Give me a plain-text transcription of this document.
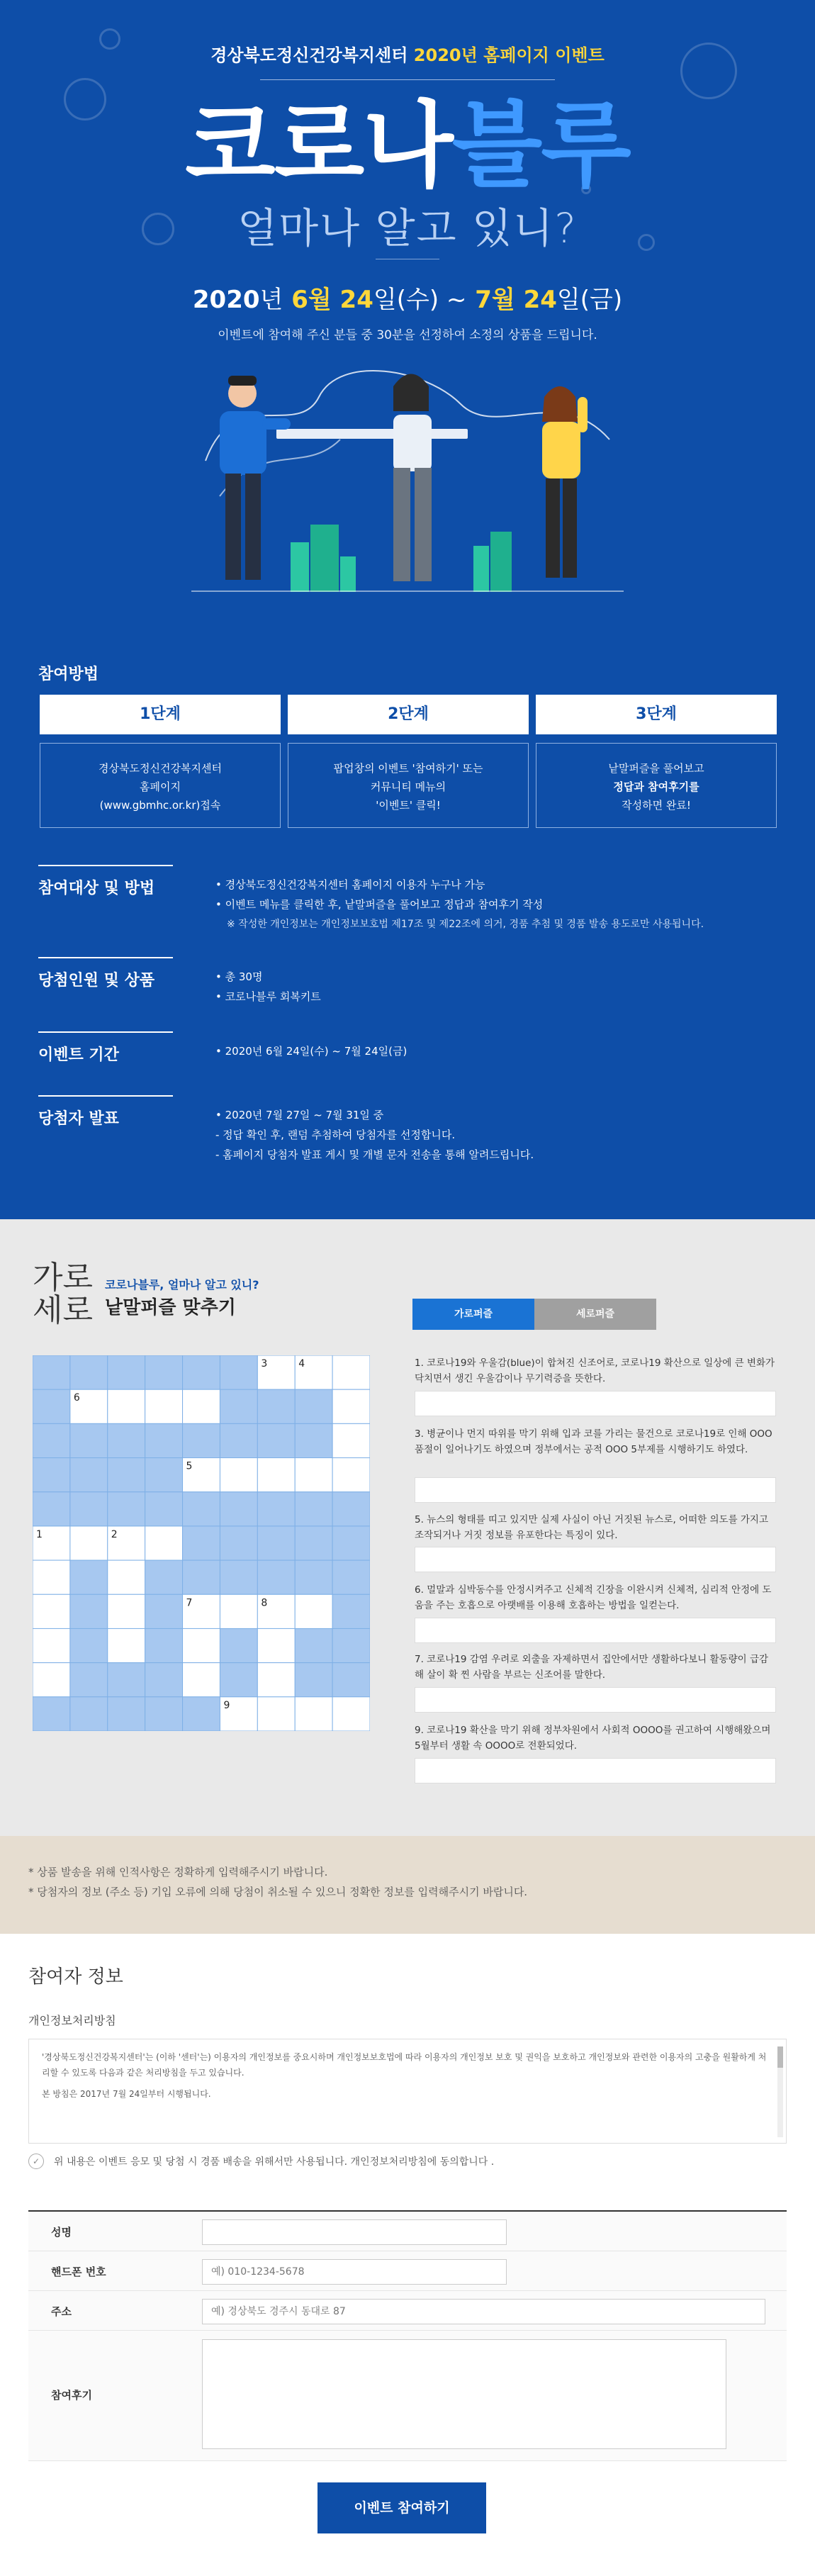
경상북도정신건강복지센터 2020년 홈페이지 이벤트
코로나블루
얼마나 알고 있니?
2020년 6월 24일(수) ~ 7월 24일(금)
이벤트에 참여해 주신 분들 중 30분을 선정하여 소정의 상품을 드립니다.
참여방법
1단계
경상북도정신건강복지센터
홈페이지
(www.gbmhc.or.kr)접속
2단계
팝업창의 이벤트 '참여하기' 또는
커뮤니티 메뉴의
'이벤트' 클릭!
3단계
낱말퍼즐을 풀어보고
정답과 참여후기를
작성하면 완료!
참여대상 및 방법	• 경상북도정신건강복지센터 홈페이지 이용자 누구나 가능
• 이벤트 메뉴를 클릭한 후, 낱말퍼즐을 풀어보고 정답과 참여후기 작성
※ 작성한 개인정보는 개인정보보호법 제17조 및 제22조에 의거, 경품 추첨 및 경품 발송 용도로만 사용됩니다.
당첨인원 및 상품	• 총 30명
• 코로나블루 회복키트
이벤트 기간	• 2020년 6월 24일(수) ~ 7월 24일(금)
당첨자 발표	• 2020년 7월 27일 ~ 7월 31일 중
- 정답 확인 후, 랜덤 추첨하여 당첨자를 선정합니다.
- 홈페이지 당첨자 발표 게시 및 개별 문자 전송을 통해 알려드립니다.
가로
세로
코로나블루, 얼마나 알고 있니?
낱말퍼즐 맞추기
3	4
6
5
1	2
7	8
9
가로퍼즐	세로퍼즐
1. 코로나19와 우울감(blue)이 합쳐진 신조어로, 코로나19 확산으로 일상에 큰 변화가 닥치면서 생긴 우울감이나 무기력증을 뜻한다.
3. 병균이나 먼지 따위를 막기 위해 입과 코를 가리는 물건으로 코로나19로 인해 OOO품절이 일어나기도 하였으며 정부에서는 공적 OOO 5부제를 시행하기도 하였다.
5. 뉴스의 형태를 띠고 있지만 실제 사실이 아닌 거짓된 뉴스로, 어떠한 의도를 가지고 조작되거나 거짓 정보를 유포한다는 특징이 있다.
6. 멀말과 심박동수를 안정시켜주고 신체적 긴장을 이완시켜 신체적, 심리적 안정에 도움을 주는 호흡으로 아랫배를 이용해 호흡하는 방법을 일컫는다.
7. 코로나19 감염 우려로 외출을 자제하면서 집안에서만 생활하다보니 활동량이 급감해 살이 확 찐 사람을 부르는 신조어를 말한다.
9. 코로나19 확산을 막기 위해 정부차원에서 사회적 OOOO를 권고하여 시행해왔으며 5월부터 생활 속 OOOO로 전환되었다.

* 상품 발송을 위해 인적사항은 정확하게 입력해주시기 바랍니다.

* 당첨자의 정보 (주소 등) 기입 오류에 의해 당첨이 취소될 수 있으니 정확한 정보를 입력해주시기 바랍니다.

참여자 정보
개인정보처리방침
'경상북도정신건강복지센터'는 (이하 '센터'는) 이용자의 개인정보를 중요시하며 개인정보보호법에 따라 이용자의 개인정보 보호 및 권익을 보호하고 개인정보와 관련한 이용자의 고충을 원활하게 처리할 수 있도록 다음과 같은 처리방침을 두고 있습니다.
본 방침은 2017년 7월 24일부터 시행됩니다.
✓	위 내용은 이벤트 응모 및 당첨 시 경품 배송을 위해서만 사용됩니다. 개인정보처리방침에 동의합니다 .
성명
핸드폰 번호
예) 010-1234-5678
주소
예) 경상북도 경주시 동대로 87
참여후기
이벤트 참여하기
